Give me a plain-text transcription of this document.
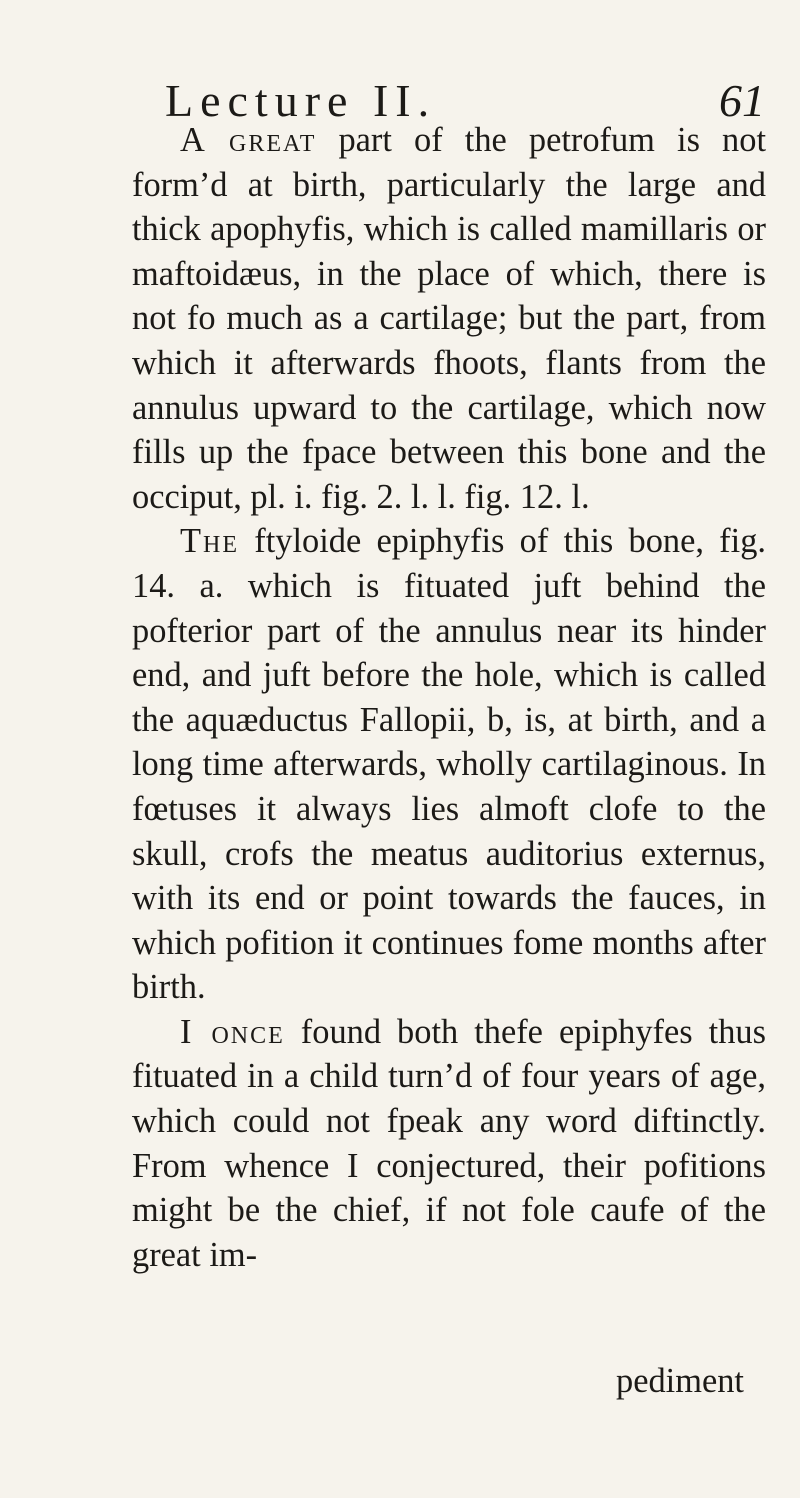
Lecture II.	61

A great part of the petrofum is not form’d at birth, particularly the large and thick apophyfis, which is called mamillaris or maftoidæus, in the place of which, there is not fo much as a cartilage; but the part, from which it afterwards fhoots, flants from the annulus upward to the cartilage, which now fills up the fpace between this bone and the occiput, pl. i. fig. 2. l. l. fig. 12. l.

The ftyloide epiphyfis of this bone, fig. 14. a. which is fituated juft behind the pofterior part of the annulus near its hinder end, and juft before the hole, which is called the aquæductus Fallopii, b, is, at birth, and a long time afterwards, wholly cartilaginous. In fœtuses it always lies almoft clofe to the skull, crofs the meatus auditorius externus, with its end or point towards the fauces, in which pofition it continues fome months after birth.

I once found both thefe epiphyfes thus fituated in a child turn’d of four years of age, which could not fpeak any word diftinctly. From whence I conjectured, their pofitions might be the chief, if not fole caufe of the great im-

pediment
